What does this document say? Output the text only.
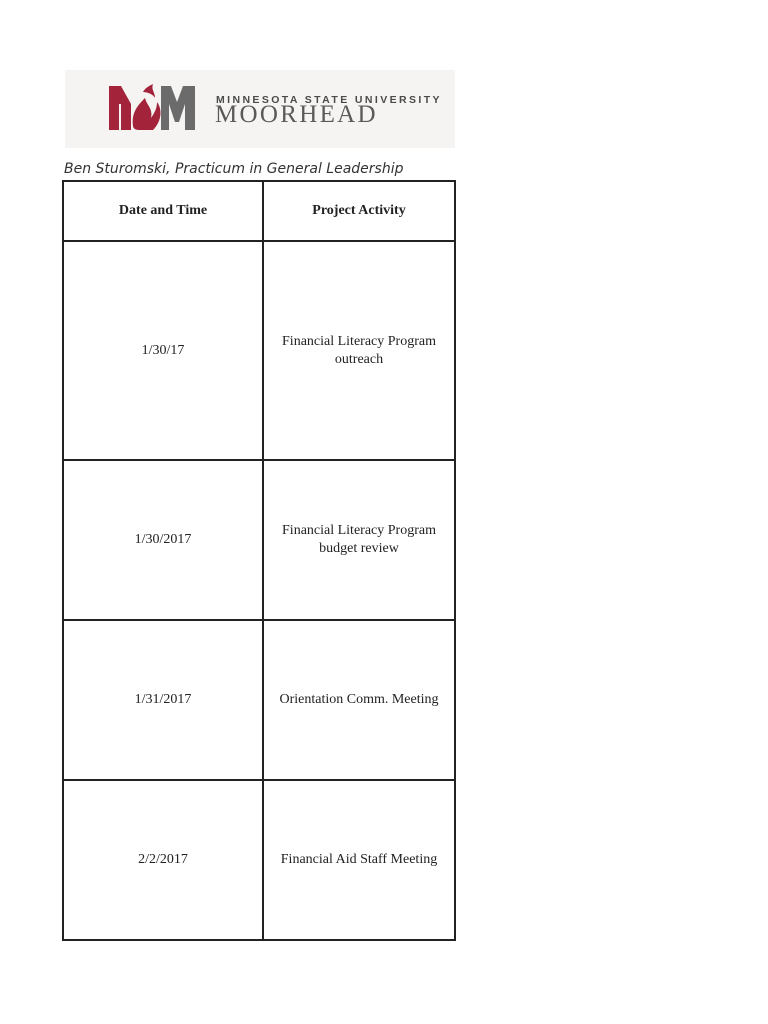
MINNESOTA STATE UNIVERSITY
MOORHEAD
Ben Sturomski, Practicum in General Leadership
Date and Time	Project Activity
1/30/17	Financial Literacy Program outreach
1/30/2017	Financial Literacy Program budget review
1/31/2017	Orientation Comm. Meeting
2/2/2017	Financial Aid Staff Meeting
